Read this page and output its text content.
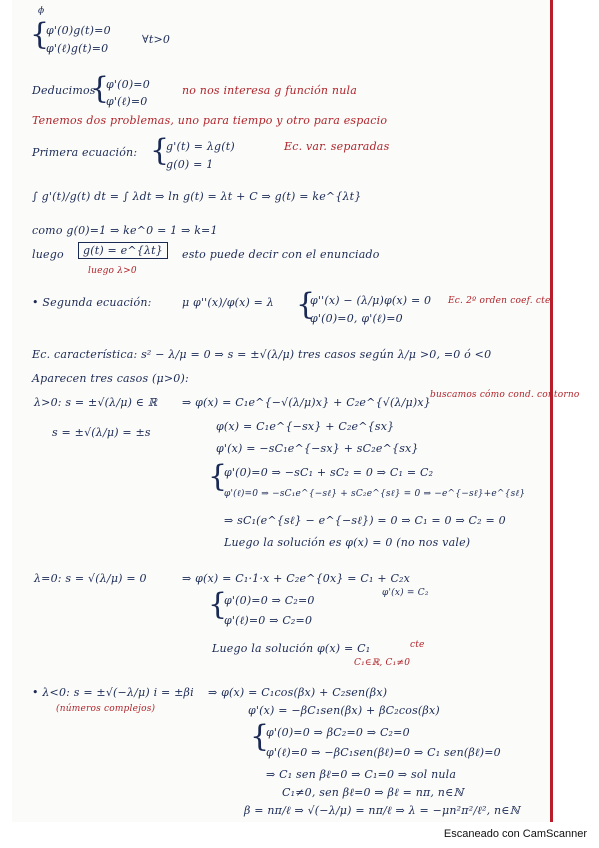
ϕ
{
φ'(0)g(t)=0
φ'(ℓ)g(t)=0
∀t>0
Deducimos
{
φ'(0)=0
φ'(ℓ)=0
no nos interesa g función nula
Tenemos dos problemas, uno para tiempo y otro para espacio
Primera ecuación: {
g'(t) = λg(t)
g(0) = 1
Ec. var. separadas
∫ g'(t)/g(t) dt = ∫ λdt ⇒ ln g(t) = λt + C ⇒ g(t) = ke^{λt}
como g(0)=1 ⇒ ke^0 = 1 ⇒ k=1
luego	g(t) = e^{λt}	esto puede decir con el enunciado
luego λ>0
• Segunda ecuación:	μ φ''(x)/φ(x) = λ {
φ''(x) − (λ/μ)φ(x) = 0
φ'(0)=0, φ'(ℓ)=0
Ec. 2º orden coef. cte
Ec. característica: s² − λ/μ = 0 ⇒ s = ±√(λ/μ) tres casos según λ/μ >0, =0 ó <0
Aparecen tres casos (μ>0):
λ>0: s = ±√(λ/μ) ∈ ℝ ⇒ φ(x) = C₁e^{−√(λ/μ)x} + C₂e^{√(λ/μ)x}
buscamos cómo cond. contorno
s = ±√(λ/μ) = ±s	φ(x) = C₁e^{−sx} + C₂e^{sx}
φ'(x) = −sC₁e^{−sx} + sC₂e^{sx}
{
φ'(0)=0 ⇒ −sC₁ + sC₂ = 0 ⇒ C₁ = C₂
φ'(ℓ)=0 ⇒ −sC₁e^{−sℓ} + sC₂e^{sℓ} = 0 ⇒ −e^{−sℓ}+e^{sℓ}
⇒ sC₁(e^{sℓ} − e^{−sℓ}) = 0 ⇒ C₁ = 0 ⇒ C₂ = 0
Luego la solución es φ(x) = 0 (no nos vale)
λ=0: s = √(λ/μ) = 0	⇒ φ(x) = C₁·1·x + C₂e^{0x} = C₁ + C₂x
{
φ'(0)=0 ⇒ C₂=0
φ'(x) = C₂
φ'(ℓ)=0 ⇒ C₂=0
Luego la solución φ(x) = C₁	cte
C₁∈ℝ, C₁≠0
• λ<0: s = ±√(−λ/μ) i = ±βi ⇒ φ(x) = C₁cos(βx) + C₂sen(βx)
(números complejos)	φ'(x) = −βC₁sen(βx) + βC₂cos(βx)
{
φ'(0)=0 ⇒ βC₂=0 ⇒ C₂=0
φ'(ℓ)=0 ⇒ −βC₁sen(βℓ)=0 ⇒ C₁ sen(βℓ)=0
⇒ C₁ sen βℓ=0 ⇒ C₁=0 ⇒ sol nula
C₁≠0, sen βℓ=0 ⇒ βℓ = nπ, n∈ℕ
β = nπ/ℓ ⇒ √(−λ/μ) = nπ/ℓ ⇒ λ = −μn²π²/ℓ², n∈ℕ
Escaneado con CamScanner
